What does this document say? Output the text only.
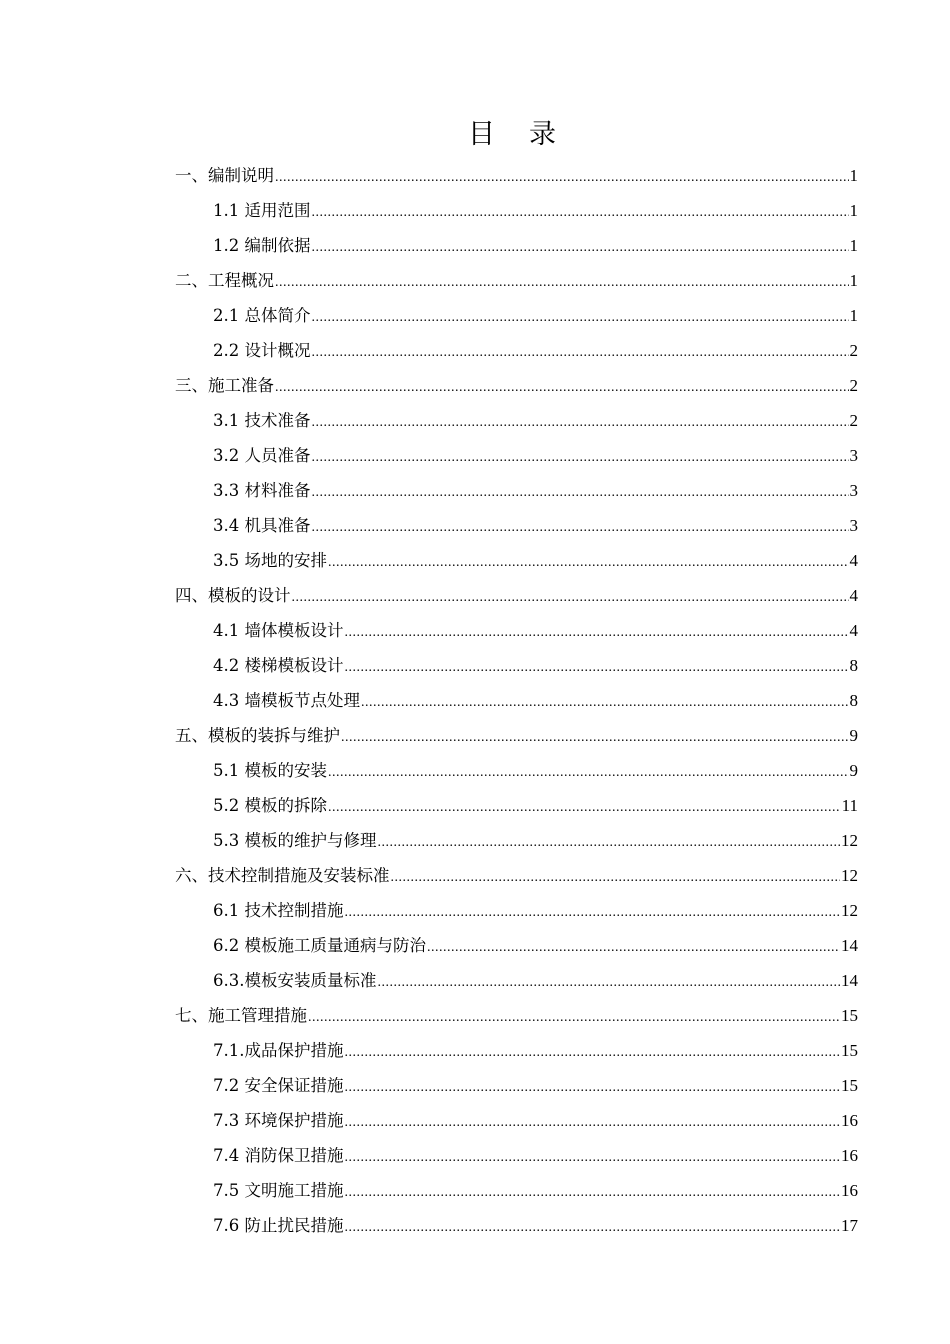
目 录
一、编制说明 .....	1
1.1 适用范围 .....	1
1.2 编制依据 .....	1
二、工程概况 .....	1
2.1 总体简介 .....	1
2.2 设计概况 .....	2
三、施工准备 .....	2
3.1 技术准备 .....	2
3.2 人员准备 .....	3
3.3 材料准备 .....	3
3.4 机具准备 .....	3
3.5 场地的安排 .....	4
四、模板的设计 .....	4
4.1 墙体模板设计 .....	4
4.2 楼梯模板设计 .....	8
4.3 墙模板节点处理 .....	8
五、模板的装拆与维护 .....	9
5.1 模板的安装 .....	9
5.2 模板的拆除 .....	11
5.3 模板的维护与修理 .....	12
六、技术控制措施及安装标准 .....	12
6.1 技术控制措施 .....	12
6.2 模板施工质量通病与防治 .....	14
6.3.模板安装质量标准 .....	14
七、施工管理措施 .....	15
7.1.成品保护措施 .....	15
7.2 安全保证措施 .....	15
7.3 环境保护措施 .....	16
7.4 消防保卫措施 .....	16
7.5 文明施工措施 .....	16
7.6 防止扰民措施 .....	17
